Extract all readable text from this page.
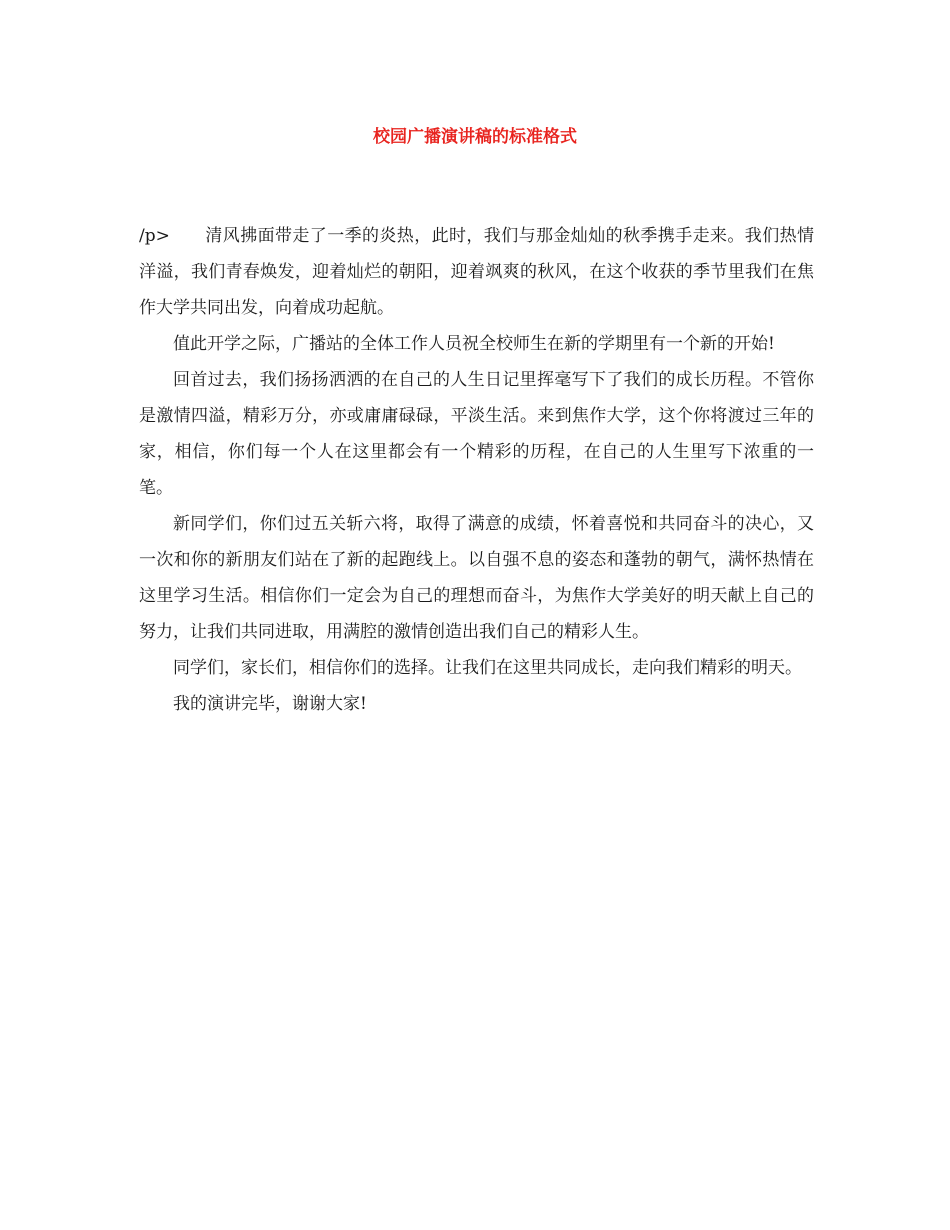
校园广播演讲稿的标准格式

/p> 清风拂面带走了一季的炎热，此时，我们与那金灿灿的秋季携手走来。我们热情洋溢，我们青春焕发，迎着灿烂的朝阳，迎着飒爽的秋风，在这个收获的季节里我们在焦作大学共同出发，向着成功起航。

值此开学之际，广播站的全体工作人员祝全校师生在新的学期里有一个新的开始!

回首过去，我们扬扬洒洒的在自己的人生日记里挥毫写下了我们的成长历程。不管你是激情四溢，精彩万分，亦或庸庸碌碌，平淡生活。来到焦作大学，这个你将渡过三年的家，相信，你们每一个人在这里都会有一个精彩的历程，在自己的人生里写下浓重的一笔。

新同学们，你们过五关斩六将，取得了满意的成绩，怀着喜悦和共同奋斗的决心，又一次和你的新朋友们站在了新的起跑线上。以自强不息的姿态和蓬勃的朝气，满怀热情在这里学习生活。相信你们一定会为自己的理想而奋斗，为焦作大学美好的明天献上自己的努力，让我们共同进取，用满腔的激情创造出我们自己的精彩人生。

同学们，家长们，相信你们的选择。让我们在这里共同成长，走向我们精彩的明天。

我的演讲完毕，谢谢大家!
